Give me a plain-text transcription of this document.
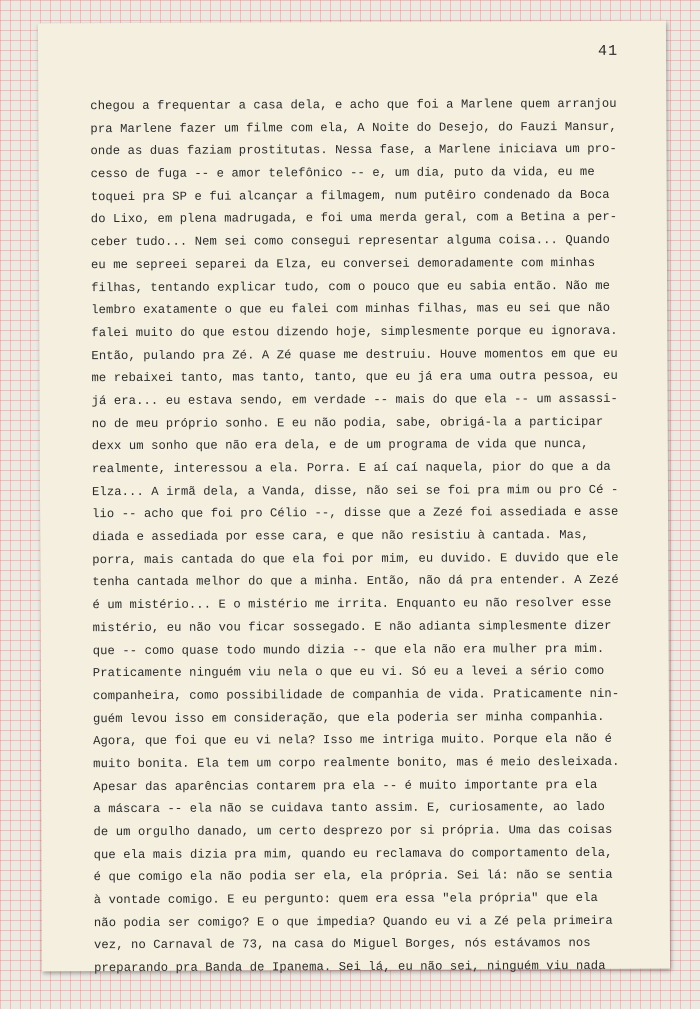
41
chegou a frequentar a casa dela, e acho que foi a Marlene quem arranjou
pra Marlene fazer um filme com ela, A Noite do Desejo, do Fauzi Mansur,
onde as duas faziam prostitutas. Nessa fase, a Marlene iniciava um pro-
cesso de fuga -- e amor telefônico -- e, um dia, puto da vida, eu me
toquei pra SP e fui alcançar a filmagem, num putêiro condenado da Boca
do Lixo, em plena madrugada, e foi uma merda geral, com a Betina a per-
ceber tudo... Nem sei como consegui representar alguma coisa... Quando
eu me sepreei separei da Elza, eu conversei demoradamente com minhas
filhas, tentando explicar tudo, com o pouco que eu sabia então. Não me
lembro exatamente o que eu falei com minhas filhas, mas eu sei que não
falei muito do que estou dizendo hoje, simplesmente porque eu ignorava.
Então, pulando pra Zé. A Zé quase me destruiu. Houve momentos em que eu
me rebaixei tanto, mas tanto, tanto, que eu já era uma outra pessoa, eu
já era... eu estava sendo, em verdade -- mais do que ela -- um assassi-
no de meu próprio sonho. E eu não podia, sabe, obrigá-la a participar
dexx um sonho que não era dela, e de um programa de vida que nunca,
realmente, interessou a ela. Porra. E aí caí naquela, pior do que a da
Elza... A irmã dela, a Vanda, disse, não sei se foi pra mim ou pro Cé -
lio -- acho que foi pro Célio --, disse que a Zezé foi assediada e asse
diada e assediada por esse cara, e que não resistiu à cantada. Mas,
porra, mais cantada do que ela foi por mim, eu duvido. E duvido que ele
tenha cantada melhor do que a minha. Então, não dá pra entender. A Zezé
é um mistério... E o mistério me irrita. Enquanto eu não resolver esse
mistério, eu não vou ficar sossegado. E não adianta simplesmente dizer
que -- como quase todo mundo dizia -- que ela não era mulher pra mim.
Praticamente ninguém viu nela o que eu vi. Só eu a levei a sério como
companheira, como possibilidade de companhia de vida. Praticamente nin-
guém levou isso em consideração, que ela poderia ser minha companhia.
Agora, que foi que eu vi nela? Isso me intriga muito. Porque ela não é
muito bonita. Ela tem um corpo realmente bonito, mas é meio desleixada.
Apesar das aparências contarem pra ela -- é muito importante pra ela
a máscara -- ela não se cuidava tanto assim. E, curiosamente, ao lado
de um orgulho danado, um certo desprezo por si própria. Uma das coisas
que ela mais dizia pra mim, quando eu reclamava do comportamento dela,
é que comigo ela não podia ser ela, ela própria. Sei lá: não se sentia
à vontade comigo. E eu pergunto: quem era essa "ela própria" que ela
não podia ser comigo? E o que impedia? Quando eu vi a Zé pela primeira
vez, no Carnaval de 73, na casa do Miguel Borges, nós estávamos nos
preparando pra Banda de Ipanema. Sei lá, eu não sei, ninguém viu nada
